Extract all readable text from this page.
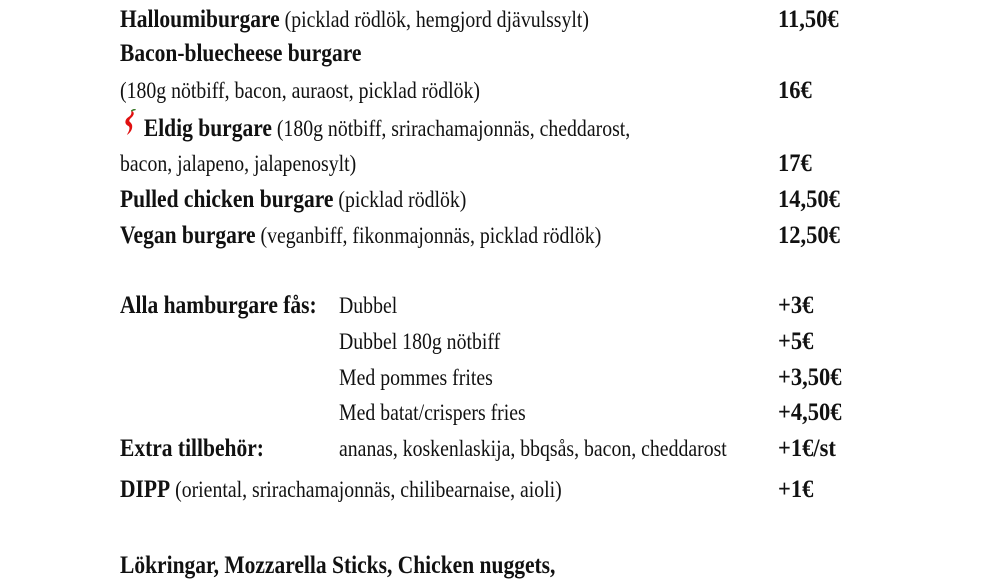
Halloumiburgare (picklad rödlök, hemgjord djävulssylt)	11,50€
Bacon-bluecheese burgare
(180g nötbiff, bacon, auraost, picklad rödlök)	16€
Eldig burgare (180g nötbiff, srirachamajonnäs, cheddarost,
bacon, jalapeno, jalapenosylt)	17€
Pulled chicken burgare (picklad rödlök)	14,50€
Vegan burgare (veganbiff, fikonmajonnäs, picklad rödlök)	12,50€
Alla hamburgare fås: Dubbel	+3€
Dubbel 180g nötbiff	+5€
Med pommes frites	+3,50€
Med batat/crispers fries	+4,50€
Extra tillbehör:	ananas, koskenlaskija, bbqsås, bacon, cheddarost +1€/st
DIPP (oriental, srirachamajonnäs, chilibearnaise, aioli)	+1€
Lökringar, Mozzarella Sticks, Chicken nuggets,
